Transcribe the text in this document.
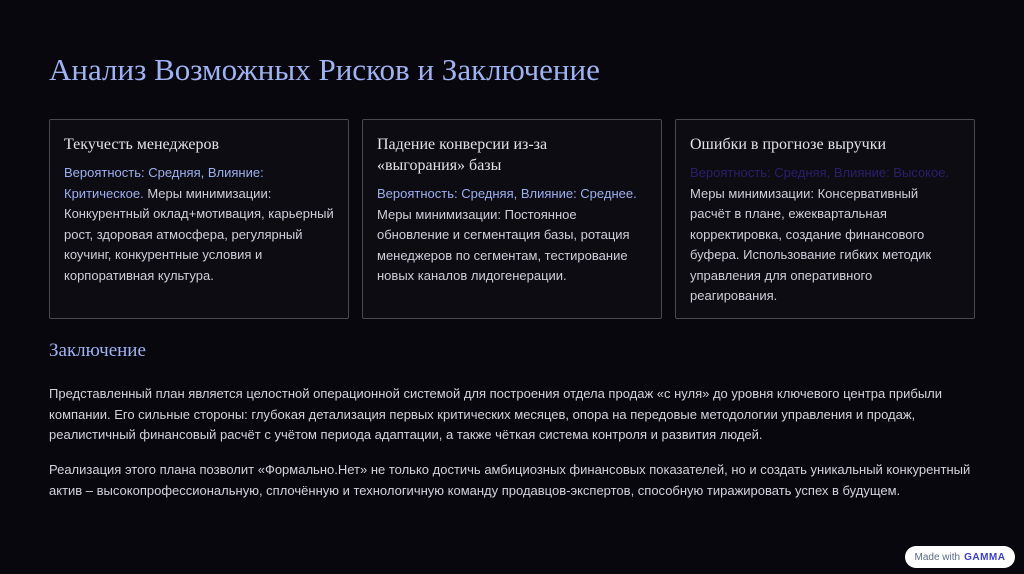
Анализ Возможных Рисков и Заключение
Текучесть менеджеров

Вероятность: Средняя, Влияние: Критическое. Меры минимизации: Конкурентный оклад+мотивация, карьерный рост, здоровая атмосфера, регулярный коучинг, конкурентные условия и корпоративная культура.

Падение конверсии из-за «выгорания» базы

Вероятность: Средняя, Влияние: Среднее. Меры минимизации: Постоянное обновление и сегментация базы, ротация менеджеров по сегментам, тестирование новых каналов лидогенерации.

Ошибки в прогнозе выручки

Вероятность: Средняя, Влияние: Высокое. Меры минимизации: Консервативный расчёт в плане, ежеквартальная корректировка, создание финансового буфера. Использование гибких методик управления для оперативного реагирования.

Заключение

Представленный план является целостной операционной системой для построения отдела продаж «с нуля» до уровня ключевого центра прибыли компании. Его сильные стороны: глубокая детализация первых критических месяцев, опора на передовые методологии управления и продаж, реалистичный финансовый расчёт с учётом периода адаптации, а также чёткая система контроля и развития людей.

Реализация этого плана позволит «Формально.Нет» не только достичь амбициозных финансовых показателей, но и создать уникальный конкурентный актив – высокопрофессиональную, сплочённую и технологичную команду продавцов-экспертов, способную тиражировать успех в будущем.

Made with GAMMA
